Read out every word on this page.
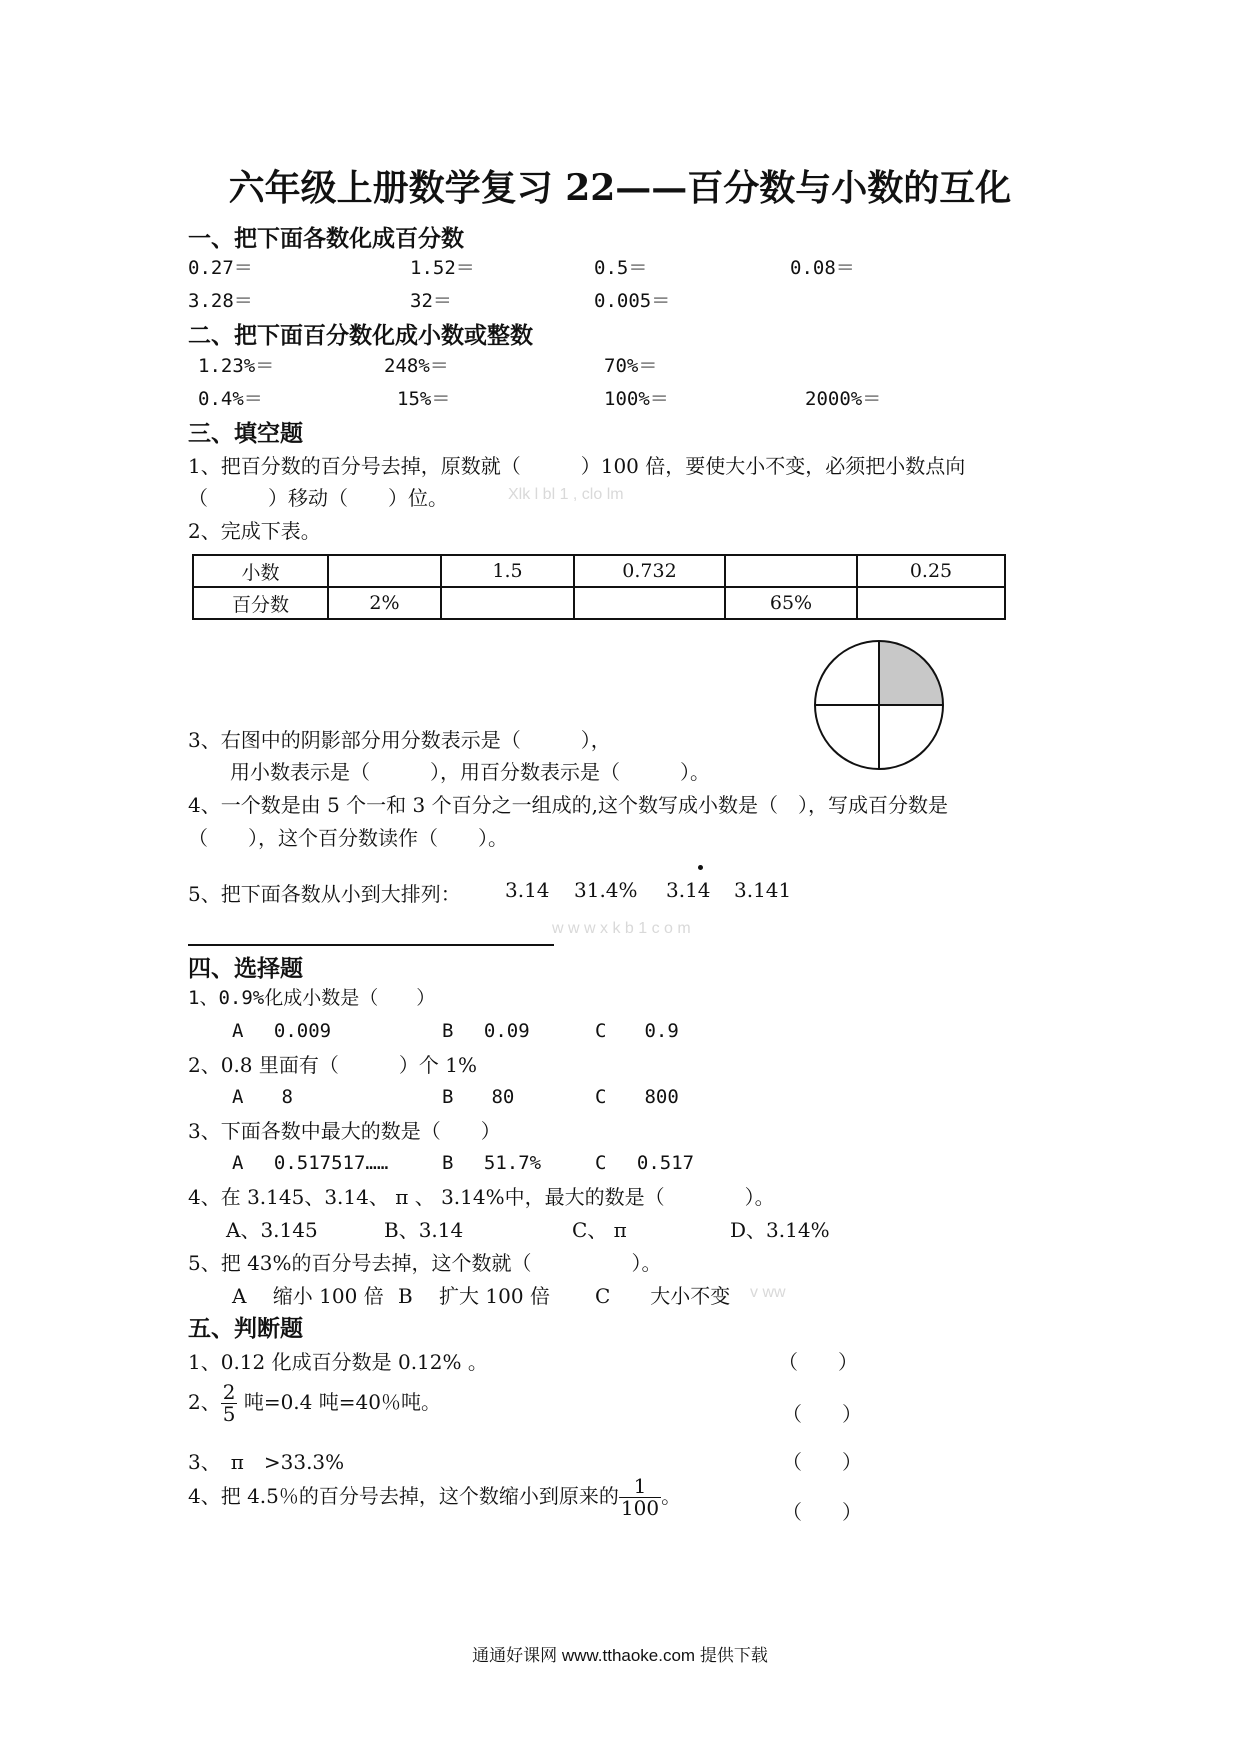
六年级上册数学复习 22——百分数与小数的互化
一、把下面各数化成百分数
0.27＝	1.52＝	0.5＝	0.08＝
3.28＝	32＝	0.005＝
二、把下面百分数化成小数或整数
1.23%＝	248%＝	70%＝
0.4%＝	15%＝	100%＝	2000%＝
三、填空题
1、把百分数的百分号去掉，原数就（　　　）100 倍，要使大小不变，必须把小数点向
（　　　）移动（　　）位。	Xlk l bl 1 , clo lm
2、完成下表。
小数		1.5	0.732		0.25
百分数	2%			65%	
3、右图中的阴影部分用分数表示是（　　　），
用小数表示是（　　　），用百分数表示是（　　　）。
4、一个数是由 5 个一和 3 个百分之一组成的,这个数写成小数是（　），写成百分数是
（　　），这个百分数读作（　　）。
5、把下面各数从小到大排列： 3.14 31.4% 3.14 3.141
w w w x k b 1 c o m
四、选择题
1、0.9%化成小数是（　　）
A　 0.009	B　 0.09	C　　0.9
2、0.8 里面有（　　　）个 1%
A　　8	B　　80	C　　800
3、下面各数中最大的数是（　　）
A　 0.517517……	B　 51.7%	C　 0.517
4、在 3.145、3.14、 π 、 3.14%中，最大的数是（　　　　）。
A、3.145	B、3.14	C、 π	D、3.14%
5、把 43%的百分号去掉，这个数就（　　　　　）。
A　 缩小 100 倍 B　 扩大 100 倍 C　　大小不变 v ww
五、判断题
1、0.12 化成百分数是 0.12% 。	（　　）
2、 $\frac{2}{5}$ 吨=0.4 吨=40％吨。	（　　）
3、　π　>33.3%	（　　）
4、把 4.5％的百分号去掉，这个数缩小到原来的 $\frac{1}{100}$ 。
（　　）
通通好课网 www.tthaoke.com 提供下载
